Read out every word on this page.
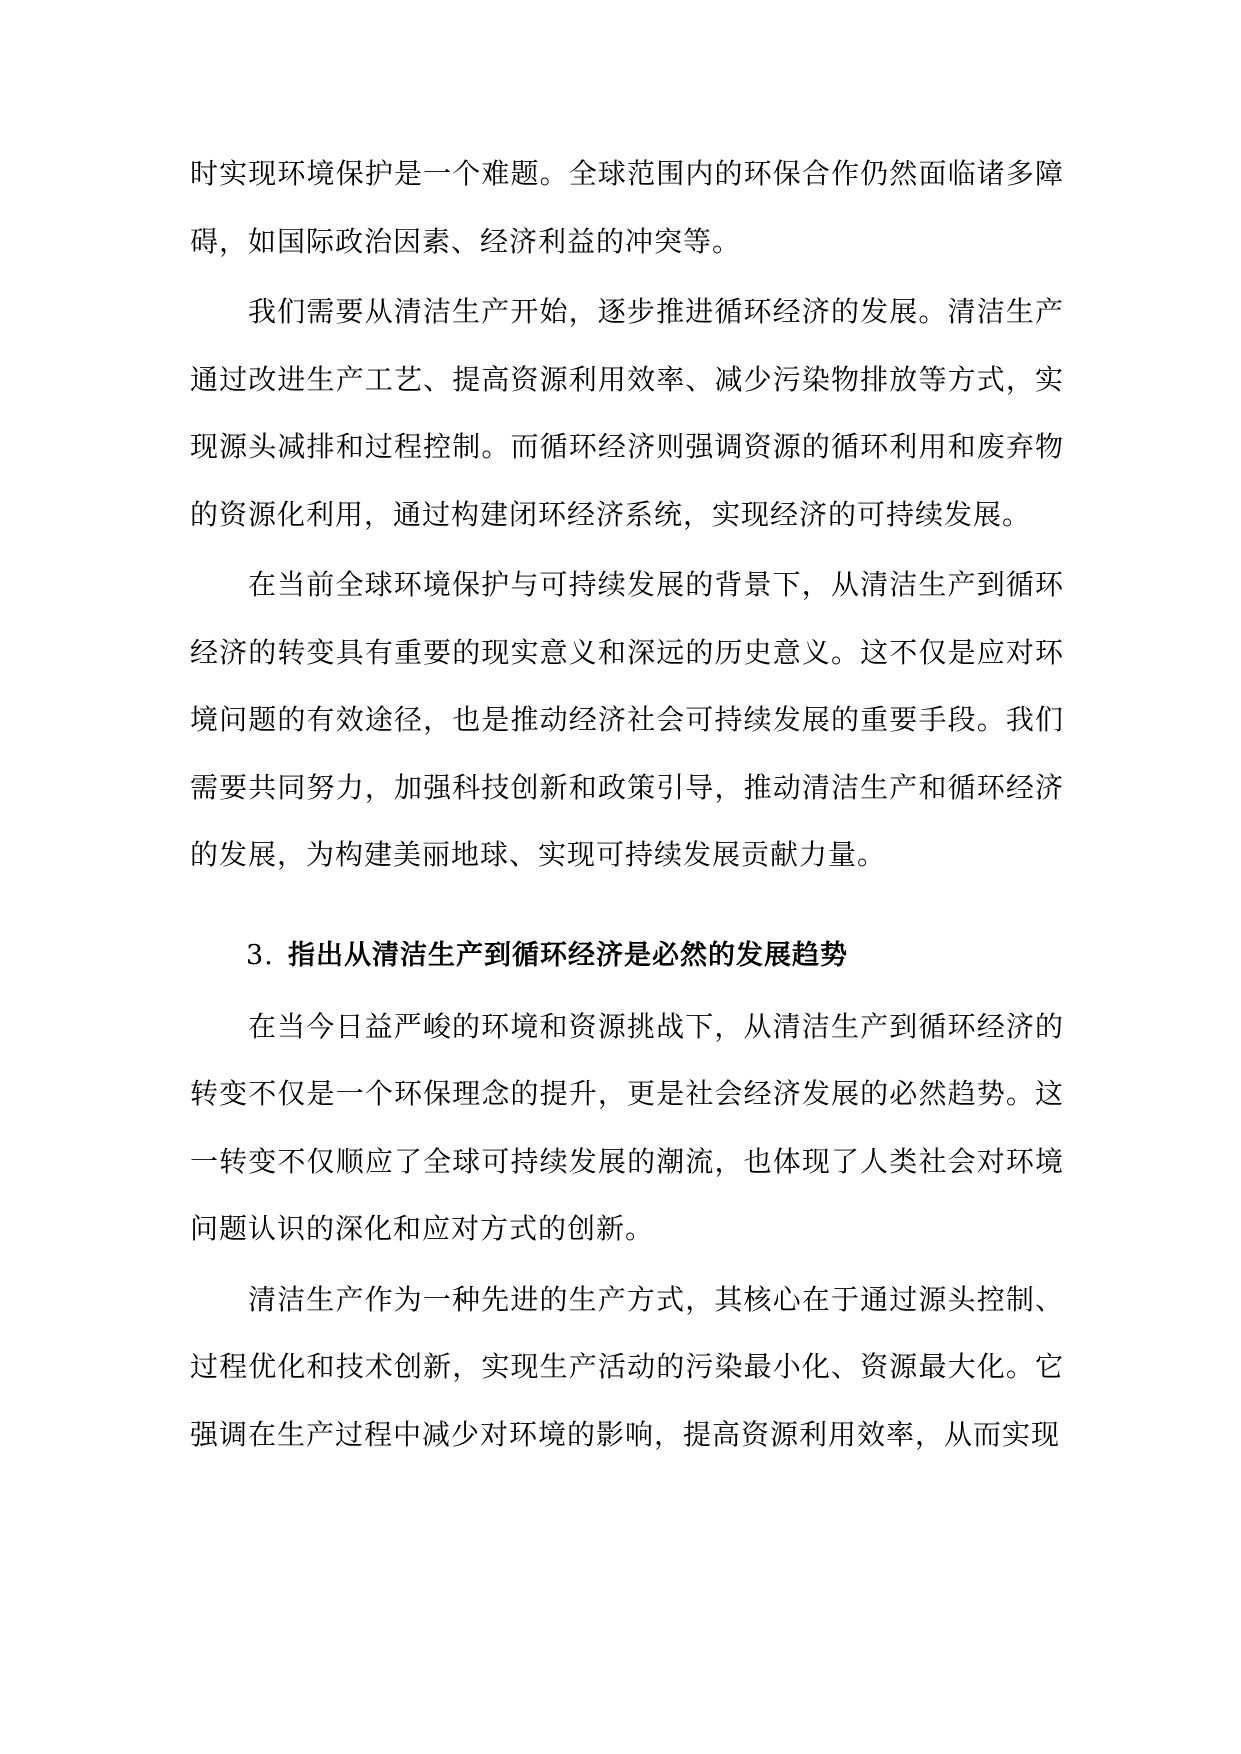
时实现环境保护是一个难题。全球范围内的环保合作仍然面临诸多障碍，如国际政治因素、经济利益的冲突等。

我们需要从清洁生产开始，逐步推进循环经济的发展。清洁生产通过改进生产工艺、提高资源利用效率、减少污染物排放等方式，实现源头减排和过程控制。而循环经济则强调资源的循环利用和废弃物的资源化利用，通过构建闭环经济系统，实现经济的可持续发展。

在当前全球环境保护与可持续发展的背景下，从清洁生产到循环经济的转变具有重要的现实意义和深远的历史意义。这不仅是应对环境问题的有效途径，也是推动经济社会可持续发展的重要手段。我们需要共同努力，加强科技创新和政策引导，推动清洁生产和循环经济的发展，为构建美丽地球、实现可持续发展贡献力量。

3. 指出从清洁生产到循环经济是必然的发展趋势

在当今日益严峻的环境和资源挑战下，从清洁生产到循环经济的转变不仅是一个环保理念的提升，更是社会经济发展的必然趋势。这一转变不仅顺应了全球可持续发展的潮流，也体现了人类社会对环境问题认识的深化和应对方式的创新。

清洁生产作为一种先进的生产方式，其核心在于通过源头控制、过程优化和技术创新，实现生产活动的污染最小化、资源最大化。它强调在生产过程中减少对环境的影响，提高资源利用效率，从而实现
